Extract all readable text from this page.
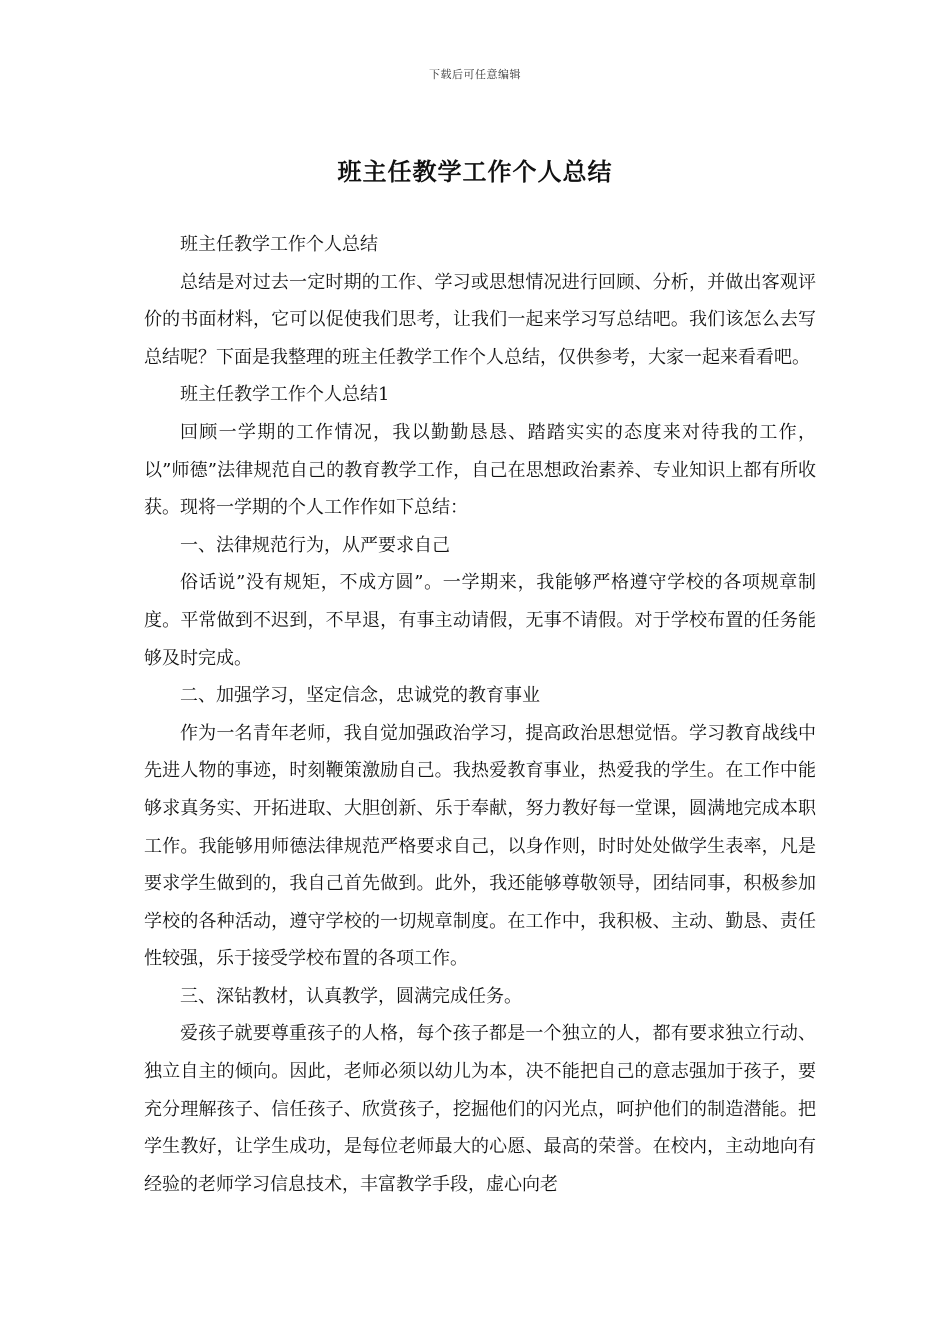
下载后可任意编辑
班主任教学工作个人总结

班主任教学工作个人总结

总结是对过去一定时期的工作、学习或思想情况进行回顾、分析，并做出客观评价的书面材料，它可以促使我们思考，让我们一起来学习写总结吧。我们该怎么去写总结呢？下面是我整理的班主任教学工作个人总结，仅供参考，大家一起来看看吧。

班主任教学工作个人总结1

回顾一学期的工作情况，我以勤勤恳恳、踏踏实实的态度来对待我的工作，以”师德”法律规范自己的教育教学工作，自己在思想政治素养、专业知识上都有所收获。现将一学期的个人工作作如下总结：

一、法律规范行为，从严要求自己

俗话说”没有规矩，不成方圆”。一学期来，我能够严格遵守学校的各项规章制度。平常做到不迟到，不早退，有事主动请假，无事不请假。对于学校布置的任务能够及时完成。

二、加强学习，坚定信念，忠诚党的教育事业

作为一名青年老师，我自觉加强政治学习，提高政治思想觉悟。学习教育战线中先进人物的事迹，时刻鞭策激励自己。我热爱教育事业，热爱我的学生。在工作中能够求真务实、开拓进取、大胆创新、乐于奉献，努力教好每一堂课，圆满地完成本职工作。我能够用师德法律规范严格要求自己，以身作则，时时处处做学生表率，凡是要求学生做到的，我自己首先做到。此外，我还能够尊敬领导，团结同事，积极参加学校的各种活动，遵守学校的一切规章制度。在工作中，我积极、主动、勤恳、责任性较强，乐于接受学校布置的各项工作。

三、深钻教材，认真教学，圆满完成任务。

爱孩子就要尊重孩子的人格，每个孩子都是一个独立的人，都有要求独立行动、独立自主的倾向。因此，老师必须以幼儿为本，决不能把自己的意志强加于孩子，要充分理解孩子、信任孩子、欣赏孩子，挖掘他们的闪光点，呵护他们的制造潜能。把学生教好，让学生成功，是每位老师最大的心愿、最高的荣誉。在校内，主动地向有经验的老师学习信息技术，丰富教学手段，虚心向老
